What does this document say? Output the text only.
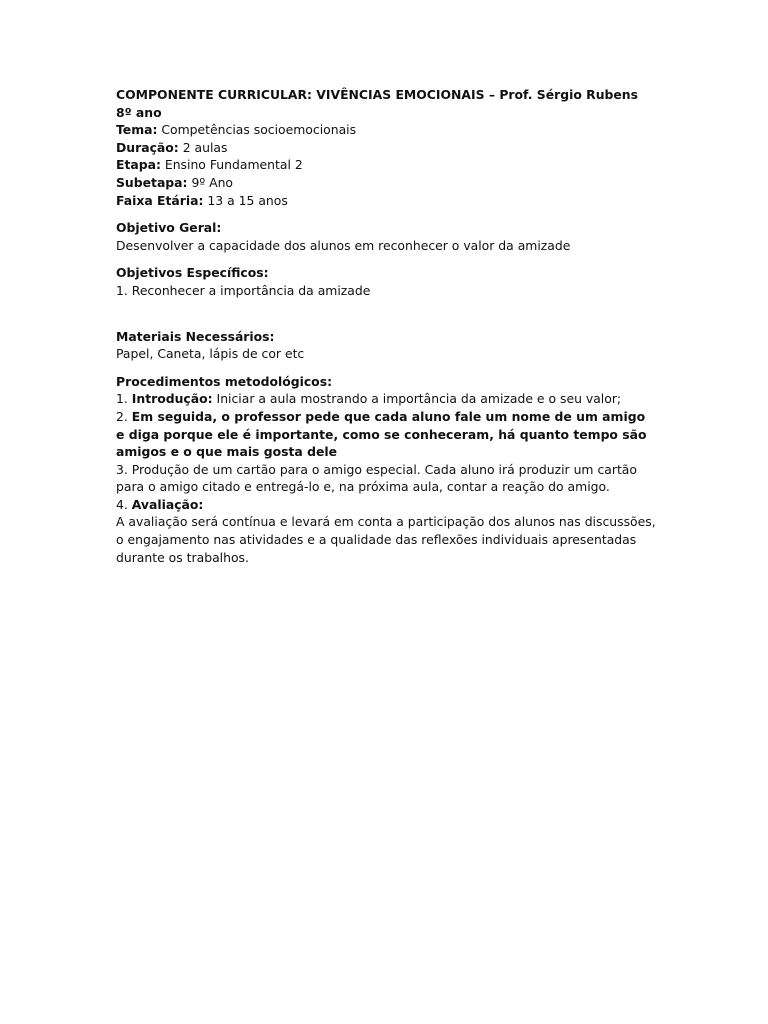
COMPONENTE CURRICULAR: VIVÊNCIAS EMOCIONAIS – Prof. Sérgio Rubens 8º ano

Tema: Competências socioemocionais

Duração: 2 aulas

Etapa: Ensino Fundamental 2

Subetapa: 9º Ano

Faixa Etária: 13 a 15 anos

Objetivo Geral:

Desenvolver a capacidade dos alunos em reconhecer o valor da amizade

Objetivos Específicos:

1. Reconhecer a importância da amizade

Materiais Necessários:

Papel, Caneta, lápis de cor etc

Procedimentos metodológicos:

1. Introdução: Iniciar a aula mostrando a importância da amizade e o seu valor;

2. Em seguida, o professor pede que cada aluno fale um nome de um amigo e diga porque ele é importante, como se conheceram, há quanto tempo são amigos e o que mais gosta dele

3. Produção de um cartão para o amigo especial. Cada aluno irá produzir um cartão para o amigo citado e entregá-lo e, na próxima aula, contar a reação do amigo.

4. Avaliação:

A avaliação será contínua e levará em conta a participação dos alunos nas discussões, o engajamento nas atividades e a qualidade das reflexões individuais apresentadas durante os trabalhos.
